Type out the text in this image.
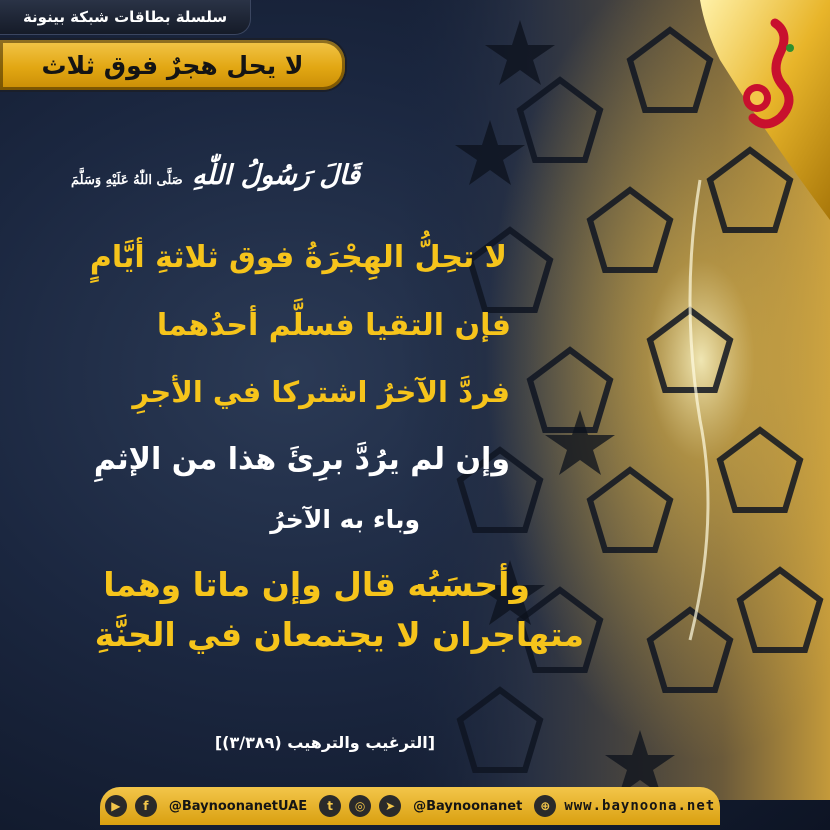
سلسلة بطاقات شبكة بينونة
لا يحل هجرٌ فوق ثلاث
قَالَ رَسُولُ اللّٰهِ صَلَّى اللّٰهُ عَلَيْهِ وَسَلَّمَ
لا تحِلُّ الهِجْرَةُ فوق ثلاثةِ أيَّامٍ
فإن التقيا فسلَّم أحدُهما
فردَّ الآخرُ اشتركا في الأجرِ
وإن لم يرُدَّ برِئَ هذا من الإثمِ
وباء به الآخرُ
وأحسَبُه قال وإن ماتا وهما
متهاجران لا يجتمعان في الجنَّةِ
[الترغيب والترهيب (٣/٣٨٩)]
▶	f	@BaynoonanetUAE	t	◎	➤	@Baynoonanet	⊕ www.baynoona.net
